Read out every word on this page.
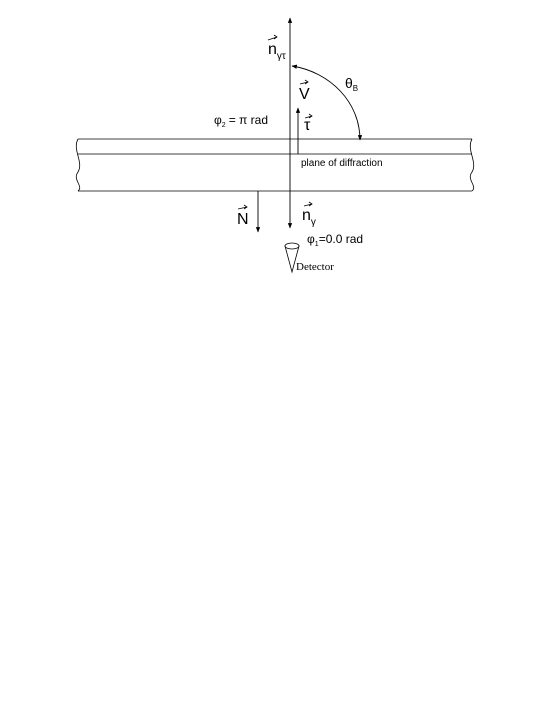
$n_{\gamma\tau}$
V
$\theta_B$
$\varphi_2 = \pi$ rad τ
plane of diffraction
N	$n_\gamma$
$\varphi_1=0.0$ rad
Detector
